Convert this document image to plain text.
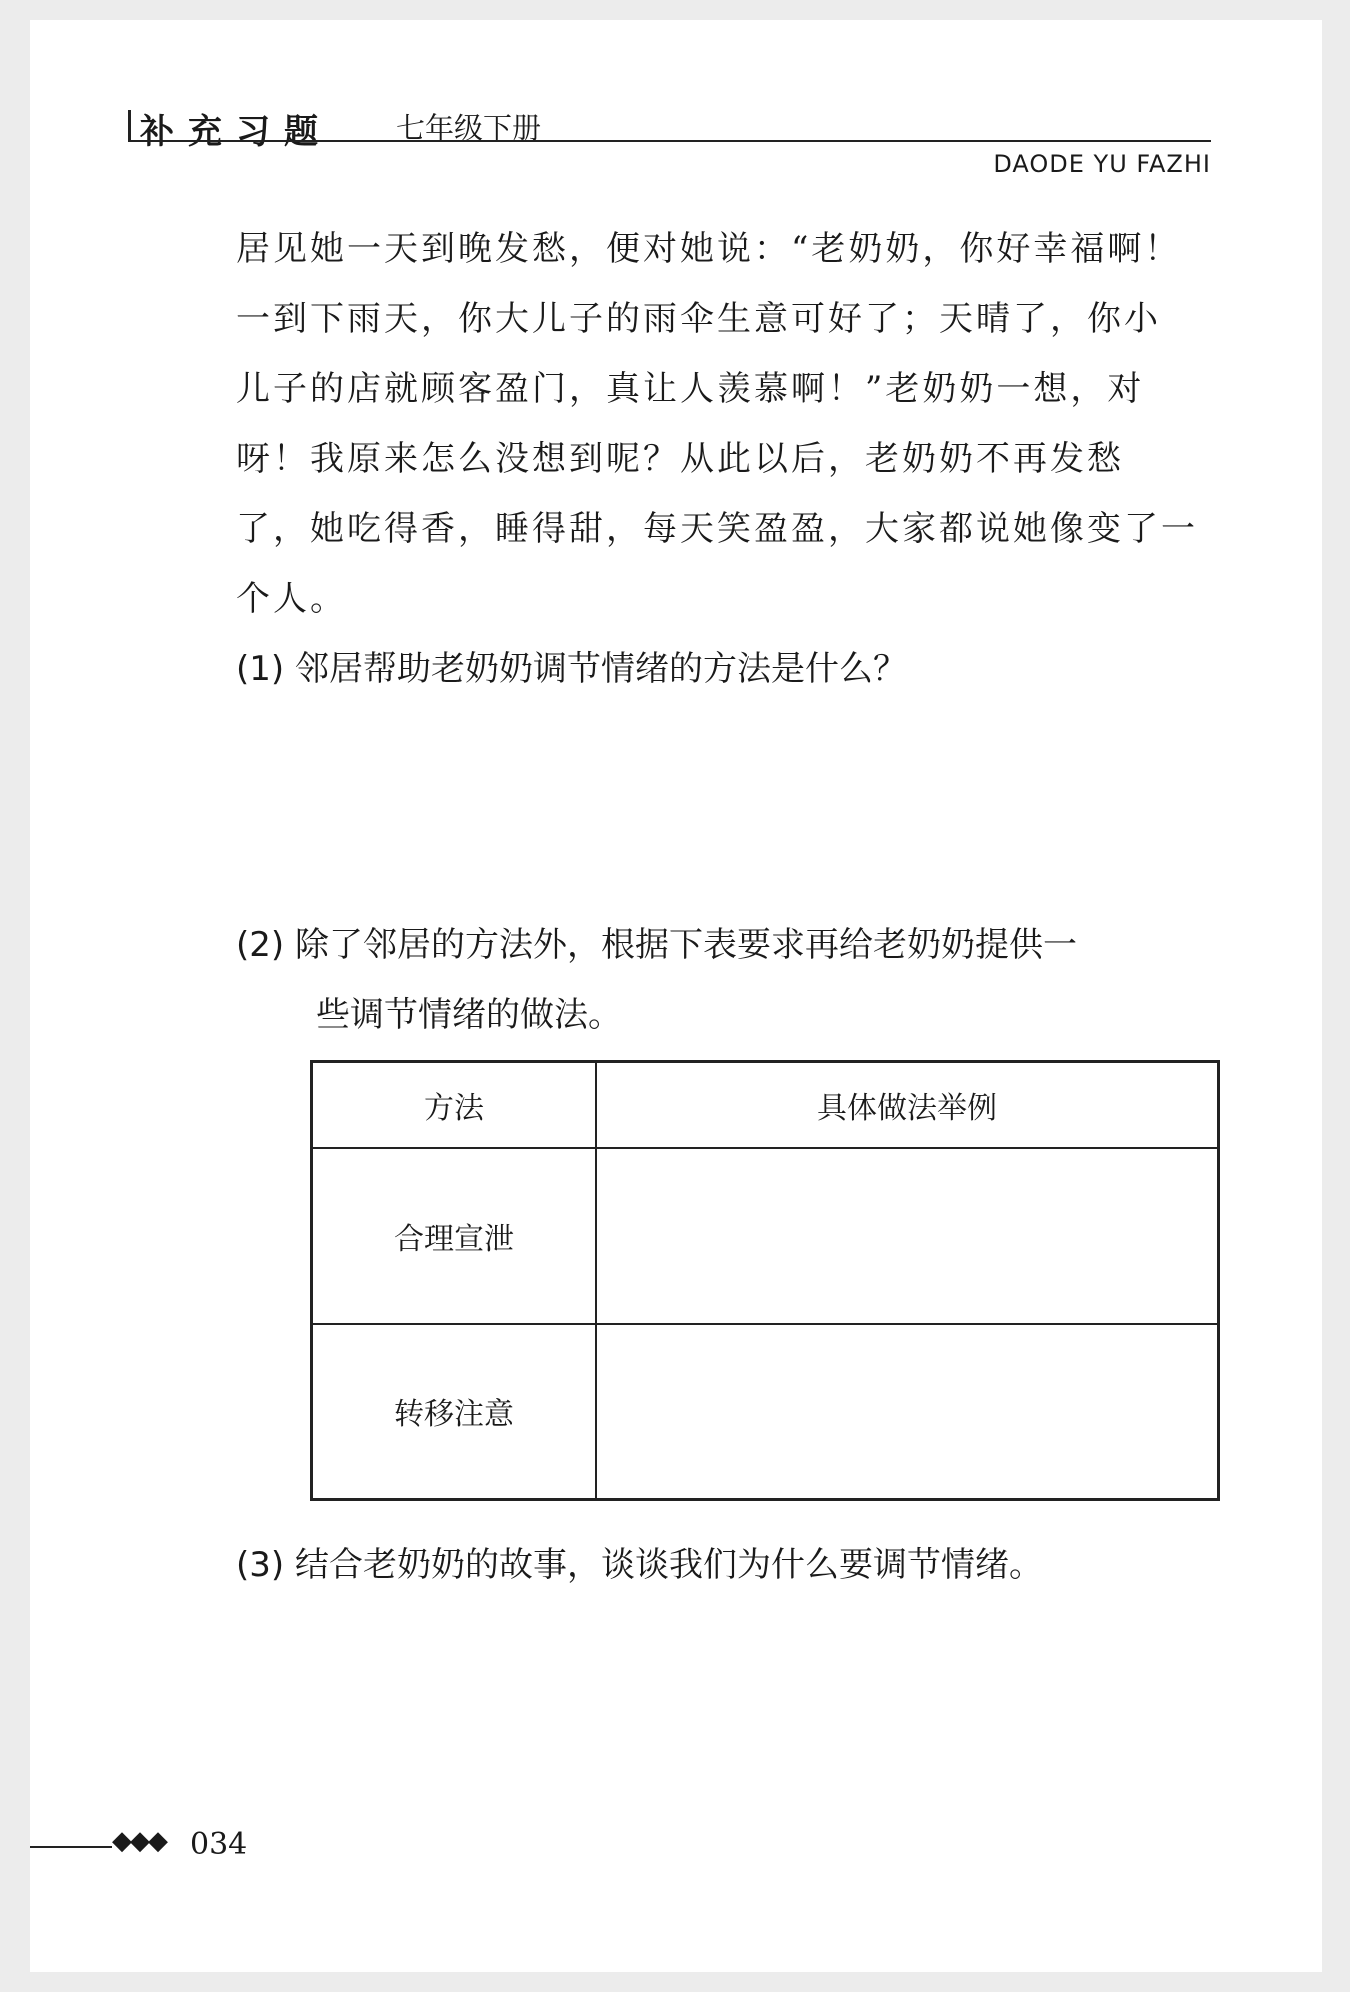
补充习题 七年级下册
DAODE YU FAZHI
居见她一天到晚发愁，便对她说：“老奶奶，你好幸福啊！
一到下雨天，你大儿子的雨伞生意可好了；天晴了，你小
儿子的店就顾客盈门，真让人羡慕啊！”老奶奶一想，对
呀！我原来怎么没想到呢？从此以后，老奶奶不再发愁
了，她吃得香，睡得甜，每天笑盈盈，大家都说她像变了一
个人。
(1) 邻居帮助老奶奶调节情绪的方法是什么？
(2) 除了邻居的方法外，根据下表要求再给老奶奶提供一
些调节情绪的做法。
方法	具体做法举例
合理宣泄	
转移注意	
(3) 结合老奶奶的故事，谈谈我们为什么要调节情绪。
◆◆◆ 034
